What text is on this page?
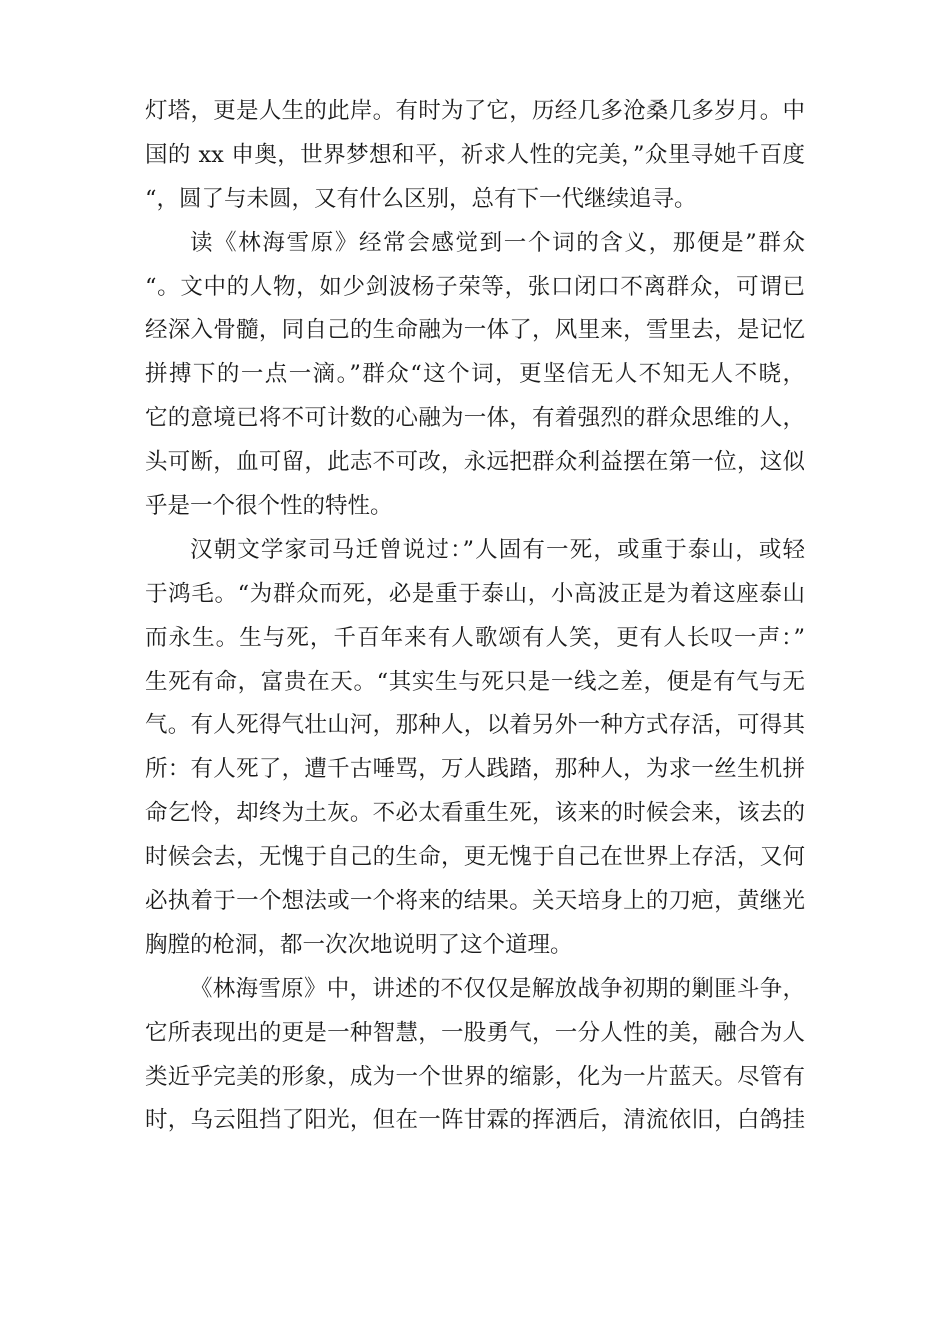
灯塔，更是人生的此岸。有时为了它，历经几多沧桑几多岁月。中
国的 xx 申奥，世界梦想和平，祈求人性的完美，”众里寻她千百度
“，圆了与未圆，又有什么区别，总有下一代继续追寻。
读《林海雪原》经常会感觉到一个词的含义，那便是”群众
“。文中的人物，如少剑波杨子荣等，张口闭口不离群众，可谓已
经深入骨髓，同自己的生命融为一体了，风里来，雪里去，是记忆
拼搏下的一点一滴。”群众“这个词，更坚信无人不知无人不晓，
它的意境已将不可计数的心融为一体，有着强烈的群众思维的人，
头可断，血可留，此志不可改，永远把群众利益摆在第一位，这似
乎是一个很个性的特性。
汉朝文学家司马迁曾说过：”人固有一死，或重于泰山，或轻
于鸿毛。“为群众而死，必是重于泰山，小高波正是为着这座泰山
而永生。生与死，千百年来有人歌颂有人笑，更有人长叹一声：”
生死有命，富贵在天。“其实生与死只是一线之差，便是有气与无
气。有人死得气壮山河，那种人，以着另外一种方式存活，可得其
所：有人死了，遭千古唾骂，万人践踏，那种人，为求一丝生机拼
命乞怜，却终为土灰。不必太看重生死，该来的时候会来，该去的
时候会去，无愧于自己的生命，更无愧于自己在世界上存活，又何
必执着于一个想法或一个将来的结果。关天培身上的刀疤，黄继光
胸膛的枪洞，都一次次地说明了这个道理。
《林海雪原》中，讲述的不仅仅是解放战争初期的剿匪斗争，
它所表现出的更是一种智慧，一股勇气，一分人性的美，融合为人
类近乎完美的形象，成为一个世界的缩影，化为一片蓝天。尽管有
时，乌云阻挡了阳光，但在一阵甘霖的挥洒后，清流依旧，白鸽挂
